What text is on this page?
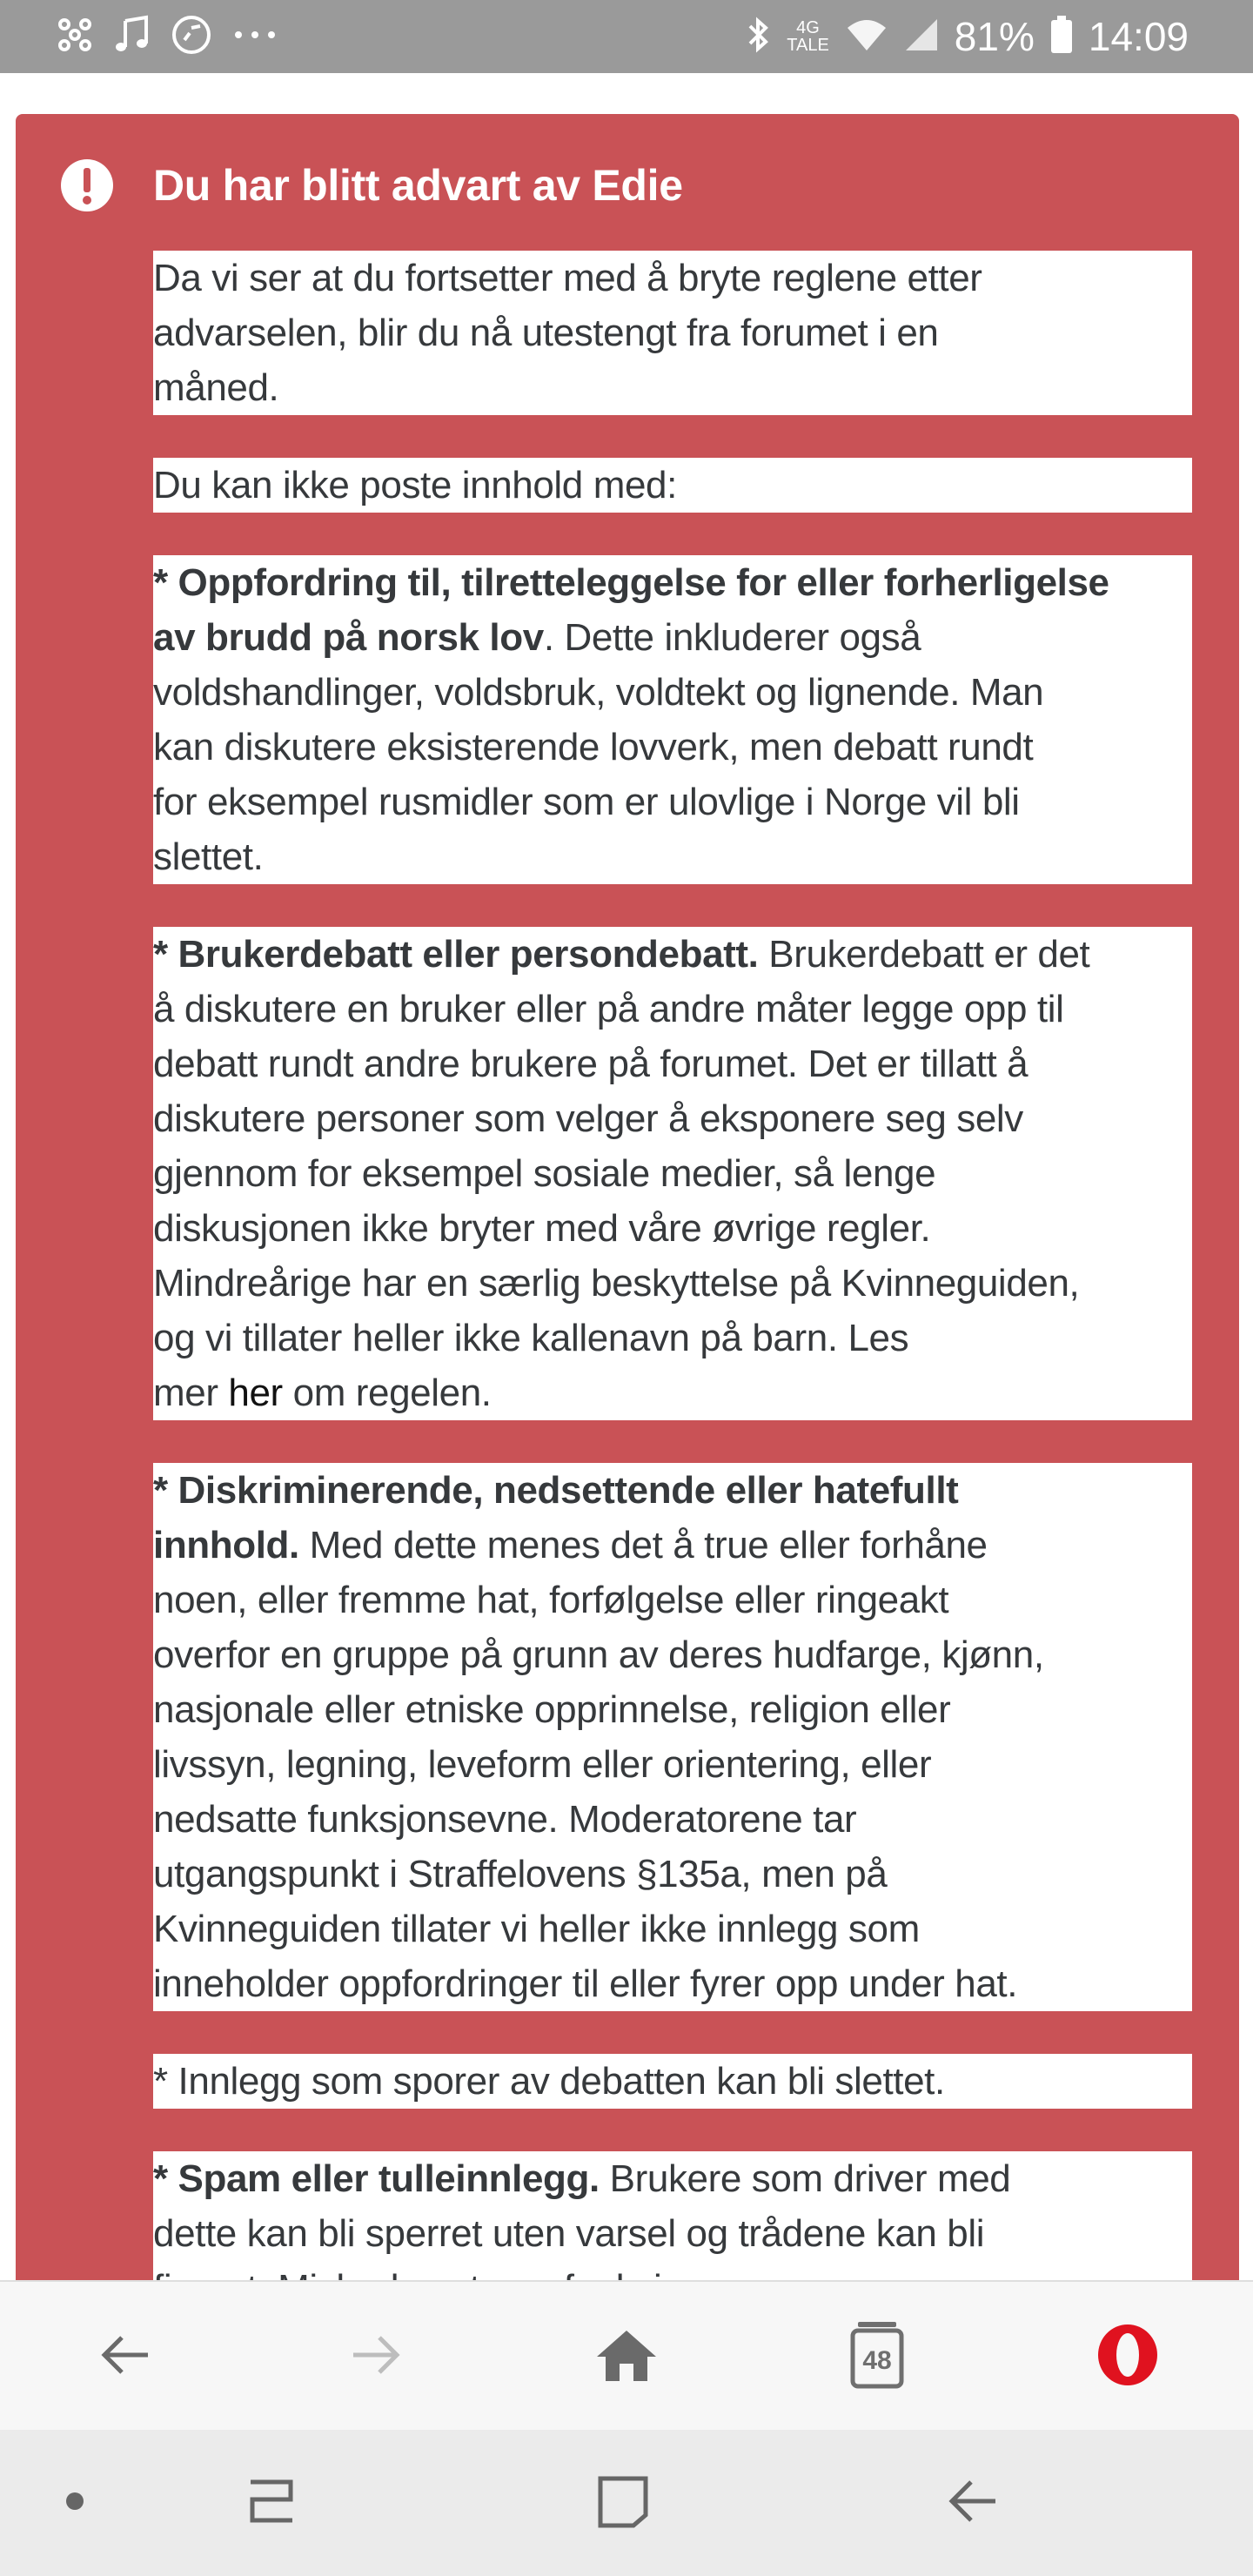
4G
TALE	81% 14:09
Du har blitt advart av Edie
Da vi ser at du fortsetter med å bryte reglene etter
advarselen, blir du nå utestengt fra forumet i en
måned.
Du kan ikke poste innhold med:
* Oppfordring til, tilretteleggelse for eller forherligelse
av brudd på norsk lov. Dette inkluderer også
voldshandlinger, voldsbruk, voldtekt og lignende. Man
kan diskutere eksisterende lovverk, men debatt rundt
for eksempel rusmidler som er ulovlige i Norge vil bli
slettet.
* Brukerdebatt eller persondebatt. Brukerdebatt er det
å diskutere en bruker eller på andre måter legge opp til
debatt rundt andre brukere på forumet. Det er tillatt å
diskutere personer som velger å eksponere seg selv
gjennom for eksempel sosiale medier, så lenge
diskusjonen ikke bryter med våre øvrige regler.
Mindreårige har en særlig beskyttelse på Kvinneguiden,
og vi tillater heller ikke kallenavn på barn. Les
mer her om regelen.
* Diskriminerende, nedsettende eller hatefullt
innhold. Med dette menes det å true eller forhåne
noen, eller fremme hat, forfølgelse eller ringeakt
overfor en gruppe på grunn av deres hudfarge, kjønn,
nasjonale eller etniske opprinnelse, religion eller
livssyn, legning, leveform eller orientering, eller
nedsatte funksjonsevne. Moderatorene tar
utgangspunkt i Straffelovens §135a, men på
Kvinneguiden tillater vi heller ikke innlegg som
inneholder oppfordringer til eller fyrer opp under hat.
* Innlegg som sporer av debatten kan bli slettet.
* Spam eller tulleinnlegg. Brukere som driver med
dette kan bli sperret uten varsel og trådene kan bli
48
